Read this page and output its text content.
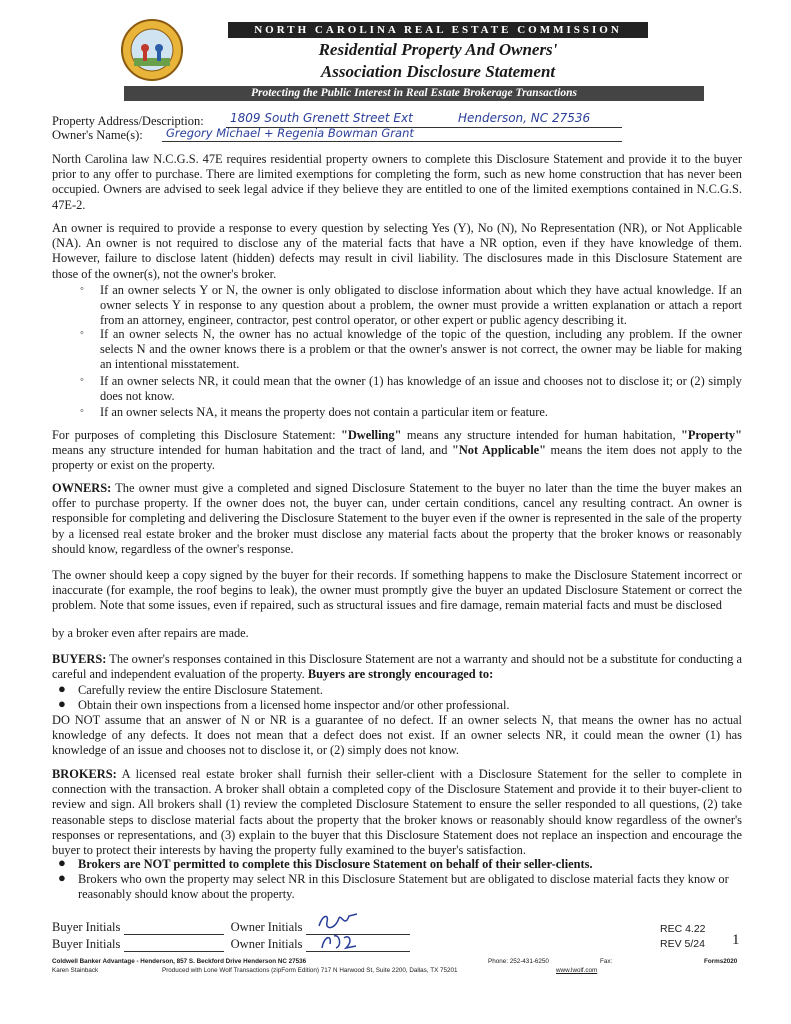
NORTH CAROLINA REAL ESTATE COMMISSION
Residential Property And Owners'
Association Disclosure Statement
Protecting the Public Interest in Real Estate Brokerage Transactions
Property Address/Description: 1809 South Grenett Street Ext	Henderson, NC 27536
Owner's Name(s): Gregory Michael + Regenia Bowman Grant

North Carolina law N.C.G.S. 47E requires residential property owners to complete this Disclosure Statement and provide it to the buyer prior to any offer to purchase. There are limited exemptions for completing the form, such as new home construction that has never been occupied. Owners are advised to seek legal advice if they believe they are entitled to one of the limited exemptions contained in N.C.G.S. 47E-2.

An owner is required to provide a response to every question by selecting Yes (Y), No (N), No Representation (NR), or Not Applicable (NA). An owner is not required to disclose any of the material facts that have a NR option, even if they have knowledge of them. However, failure to disclose latent (hidden) defects may result in civil liability. The disclosures made in this Disclosure Statement are those of the owner(s), not the owner's broker.

◦ If an owner selects Y or N, the owner is only obligated to disclose information about which they have actual knowledge. If an owner selects Y in response to any question about a problem, the owner must provide a written explanation or attach a report from an attorney, engineer, contractor, pest control operator, or other expert or public agency describing it.

◦ If an owner selects N, the owner has no actual knowledge of the topic of the question, including any problem. If the owner selects N and the owner knows there is a problem or that the owner's answer is not correct, the owner may be liable for making an intentional misstatement.

◦ If an owner selects NR, it could mean that the owner (1) has knowledge of an issue and chooses not to disclose it; or (2) simply does not know.

◦ If an owner selects NA, it means the property does not contain a particular item or feature.

For purposes of completing this Disclosure Statement: "Dwelling" means any structure intended for human habitation, "Property" means any structure intended for human habitation and the tract of land, and "Not Applicable" means the item does not apply to the property or exist on the property.

OWNERS: The owner must give a completed and signed Disclosure Statement to the buyer no later than the time the buyer makes an offer to purchase property. If the owner does not, the buyer can, under certain conditions, cancel any resulting contract. An owner is responsible for completing and delivering the Disclosure Statement to the buyer even if the owner is represented in the sale of the property by a licensed real estate broker and the broker must disclose any material facts about the property that the broker knows or reasonably should know, regardless of the owner's response.

The owner should keep a copy signed by the buyer for their records. If something happens to make the Disclosure Statement incorrect or inaccurate (for example, the roof begins to leak), the owner must promptly give the buyer an updated Disclosure Statement or correct the problem. Note that some issues, even if repaired, such as structural issues and fire damage, remain material facts and must be disclosed

by a broker even after repairs are made.

BUYERS: The owner's responses contained in this Disclosure Statement are not a warranty and should not be a substitute for conducting a careful and independent evaluation of the property. Buyers are strongly encouraged to:

● Carefully review the entire Disclosure Statement.

● Obtain their own inspections from a licensed home inspector and/or other professional.

DO NOT assume that an answer of N or NR is a guarantee of no defect. If an owner selects N, that means the owner has no actual knowledge of any defects. It does not mean that a defect does not exist. If an owner selects NR, it could mean the owner (1) has knowledge of an issue and chooses not to disclose it, or (2) simply does not know.

BROKERS: A licensed real estate broker shall furnish their seller-client with a Disclosure Statement for the seller to complete in connection with the transaction. A broker shall obtain a completed copy of the Disclosure Statement and provide it to their buyer-client to review and sign. All brokers shall (1) review the completed Disclosure Statement to ensure the seller responded to all questions, (2) take reasonable steps to disclose material facts about the property that the broker knows or reasonably should know regardless of the owner's responses or representations, and (3) explain to the buyer that this Disclosure Statement does not replace an inspection and encourage the buyer to protect their interests by having the property fully examined to the buyer's satisfaction.

● Brokers are NOT permitted to complete this Disclosure Statement on behalf of their seller-clients.

● Brokers who own the property may select NR in this Disclosure Statement but are obligated to disclose material facts they know or reasonably should know about the property.

Buyer Initials	Owner Initials
Buyer Initials	Owner Initials
REC 4.22
REV 5/24 1
Coldwell Banker Advantage - Henderson, 857 S. Beckford Drive Henderson NC 27536	Phone: 252-431-6250	Fax:	Forms2020
Karen Stainback	Produced with Lone Wolf Transactions (zipForm Edition) 717 N Harwood St, Suite 2200, Dallas, TX 75201	www.lwolf.com
